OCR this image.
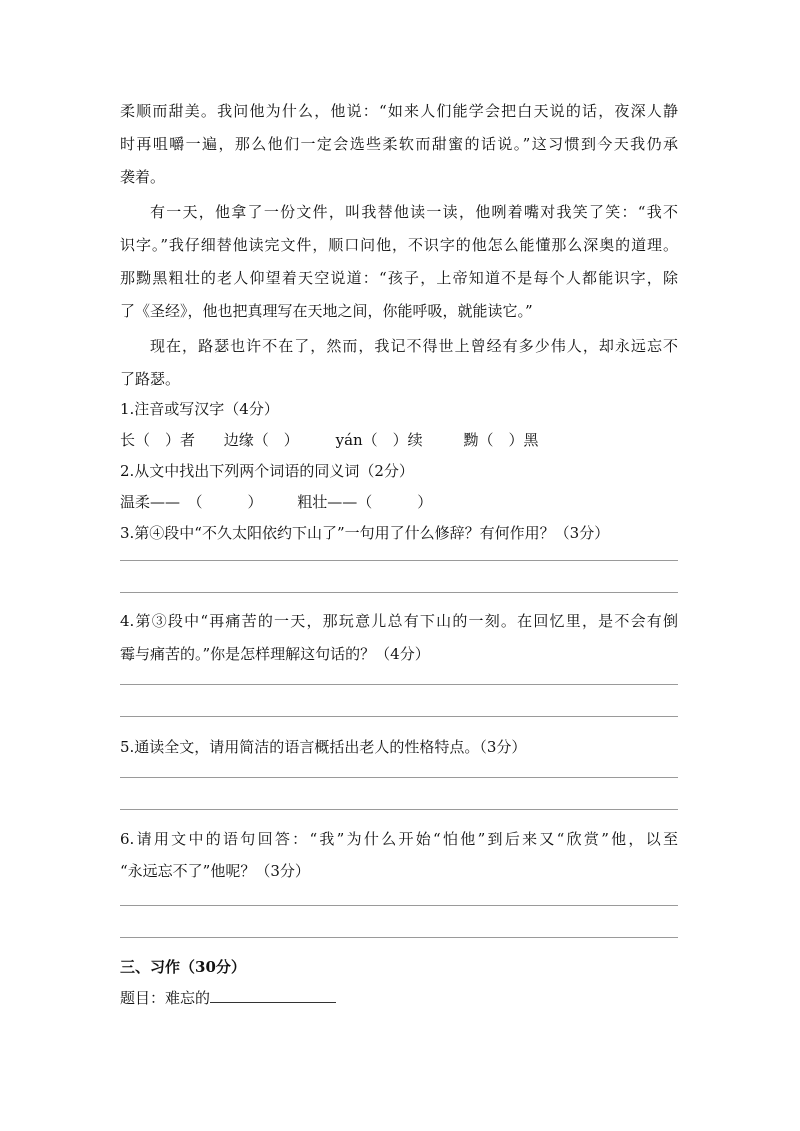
柔顺而甜美。我问他为什么，他说：“如来人们能学会把白天说的话，夜深人静
时再咀嚼一遍，那么他们一定会选些柔软而甜蜜的话说。”这习惯到今天我仍承
袭着。
有一天，他拿了一份文件，叫我替他读一读，他咧着嘴对我笑了笑：“我不
识字。”我仔细替他读完文件，顺口问他，不识字的他怎么能懂那么深奥的道理。
那黝黑粗壮的老人仰望着天空说道：“孩子，上帝知道不是每个人都能识字，除
了《圣经》，他也把真理写在天地之间，你能呼吸，就能读它。”
现在，路瑟也许不在了，然而，我记不得世上曾经有多少伟人，却永远忘不
了路瑟。
1.注音或写汉字（4分）
长（　）者 边缘（　） yán（　）续	黝（　）黑
2.从文中找出下列两个词语的同义词（2分）
温柔——　（　　　） 粗壮——（　　　）
3.第④段中“不久太阳依约下山了”一句用了什么修辞？有何作用？（3分）
4.第③段中“再痛苦的一天，那玩意儿总有下山的一刻。在回忆里，是不会有倒
霉与痛苦的。”你是怎样理解这句话的？（4分）
5.通读全文，请用简洁的语言概括出老人的性格特点。（3分）
6.请用文中的语句回答：“我”为什么开始“怕他”到后来又“欣赏”他，以至
“永远忘不了”他呢？（3分）
三、习作（30分）
题目：难忘的
